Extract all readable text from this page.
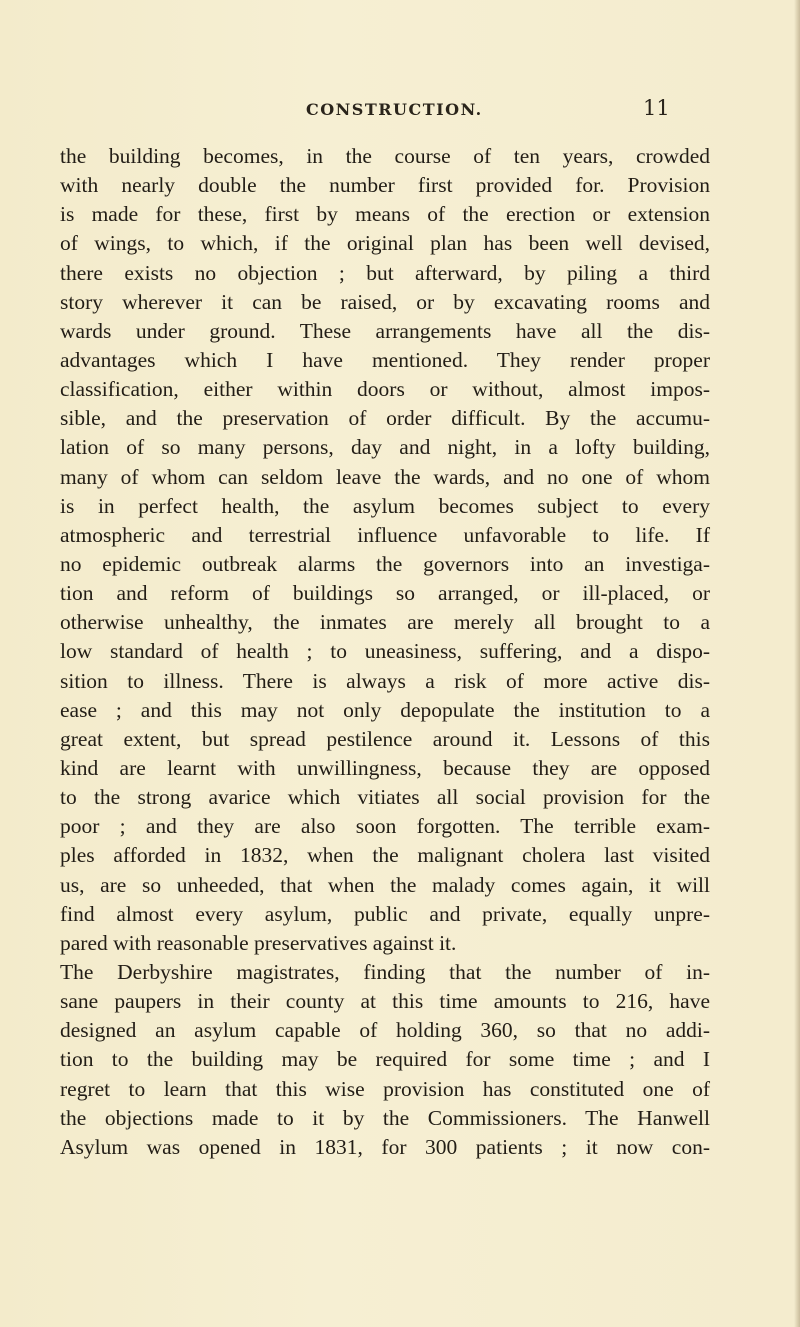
CONSTRUCTION.	11
the building becomes, in the course of ten years, crowded
with nearly double the number first provided for. Provision
is made for these, first by means of the erection or extension
of wings, to which, if the original plan has been well devised,
there exists no objection ; but afterward, by piling a third
story wherever it can be raised, or by excavating rooms and
wards under ground. These arrangements have all the dis-
advantages which I have mentioned. They render proper
classification, either within doors or without, almost impos-
sible, and the preservation of order difficult. By the accumu-
lation of so many persons, day and night, in a lofty building,
many of whom can seldom leave the wards, and no one of whom
is in perfect health, the asylum becomes subject to every
atmospheric and terrestrial influence unfavorable to life. If
no epidemic outbreak alarms the governors into an investiga-
tion and reform of buildings so arranged, or ill-placed, or
otherwise unhealthy, the inmates are merely all brought to a
low standard of health ; to uneasiness, suffering, and a dispo-
sition to illness. There is always a risk of more active dis-
ease ; and this may not only depopulate the institution to a
great extent, but spread pestilence around it. Lessons of this
kind are learnt with unwillingness, because they are opposed
to the strong avarice which vitiates all social provision for the
poor ; and they are also soon forgotten. The terrible exam-
ples afforded in 1832, when the malignant cholera last visited
us, are so unheeded, that when the malady comes again, it will
find almost every asylum, public and private, equally unpre-
pared with reasonable preservatives against it.
The Derbyshire magistrates, finding that the number of in-
sane paupers in their county at this time amounts to 216, have
designed an asylum capable of holding 360, so that no addi-
tion to the building may be required for some time ; and I
regret to learn that this wise provision has constituted one of
the objections made to it by the Commissioners. The Hanwell
Asylum was opened in 1831, for 300 patients ; it now con-
